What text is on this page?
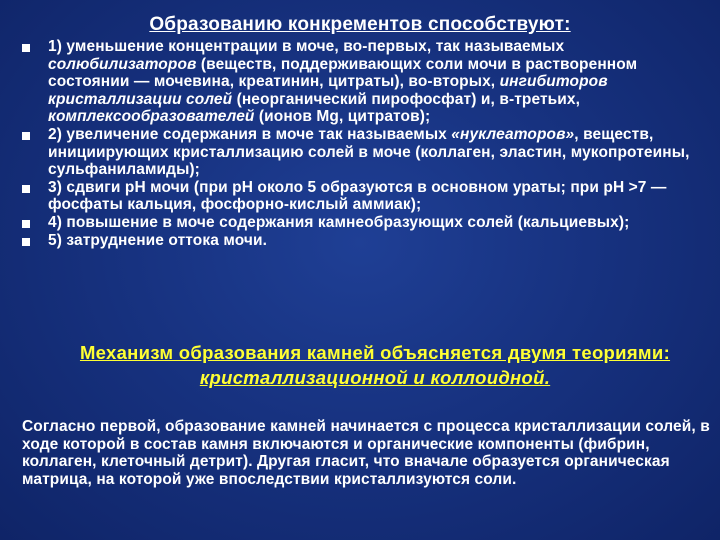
Образованию конкрементов способствуют:
1) уменьшение концентрации в моче, во-первых, так называемых солюбилизаторов (веществ, поддерживающих соли мочи в растворенном состоянии — мочевина, креатинин, цитраты), во-вторых, ингибиторов кристаллизации солей (неорганический пирофосфат) и, в-третьих, комплексообразователей (ионов Mg, цитратов);
2) увеличение содержания в моче так называемых «нуклеаторов», веществ, инициирующих кристаллизацию солей в моче (коллаген, эластин, мукопротеины, сульфаниламиды);
3) сдвиги рН мочи (при рН около 5 образуются в основном ураты; при рН >7 — фосфаты кальция, фосфорно-кислый аммиак);
4) повышение в моче содержания камнеобразующих солей (кальциевых);
5) затруднение оттока мочи.
Механизм образования камней объясняется двумя теориями:
кристаллизационной и коллоидной.
Согласно первой, образование камней начинается с процесса кристаллизации солей, в ходе которой в состав камня включаются и органические компоненты (фибрин, коллаген, клеточный детрит). Другая гласит, что вначале образуется органическая матрица, на которой уже впоследствии кристаллизуются соли.
